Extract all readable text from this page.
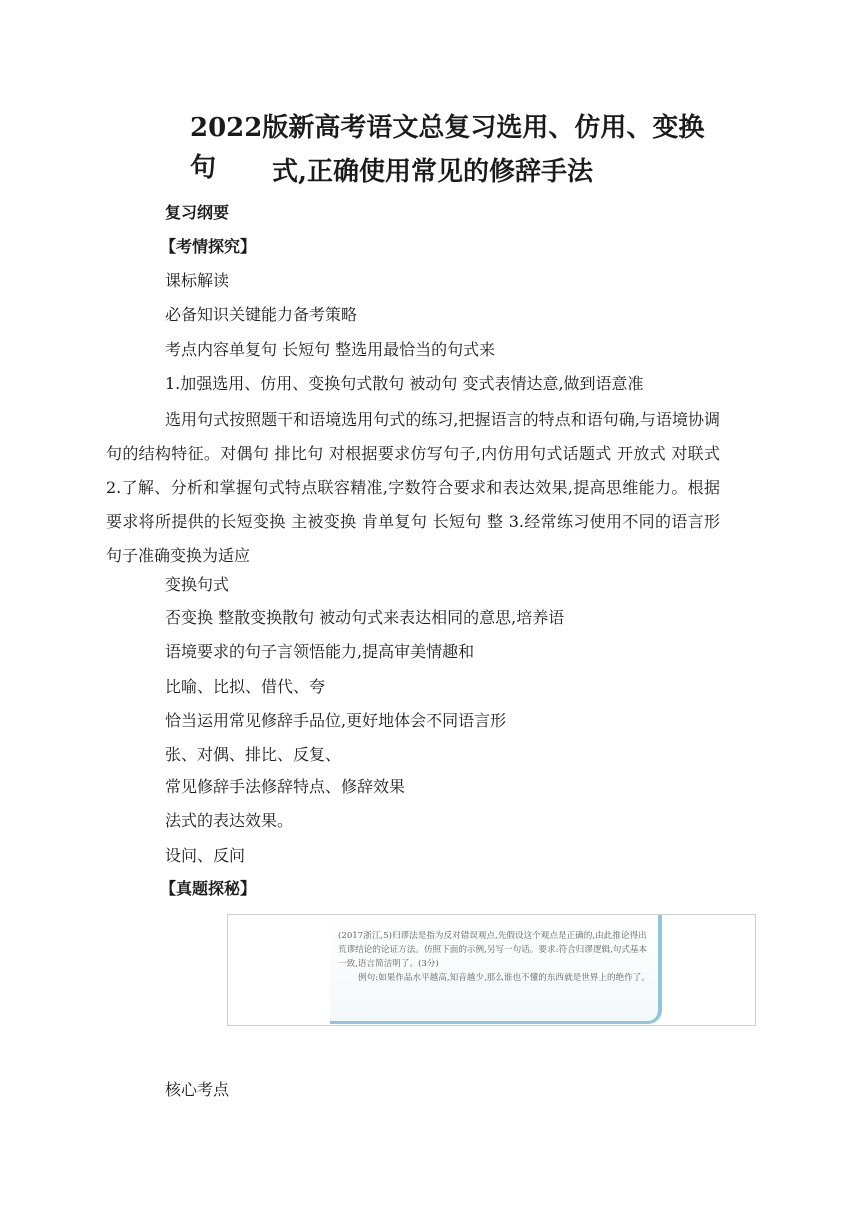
2022版新高考语文总复习选用、仿用、变换句	式,正确使用常见的修辞手法
复习纲要
【考情探究】
课标解读
必备知识关键能力备考策略
考点内容单复句 长短句 整选用最恰当的句式来
1.加强选用、仿用、变换句式散句 被动句 变式表情达意,做到语意准
选用句式按照题干和语境选用句式的练习,把握语言的特点和语句确,与语境协调句的结构特征。对偶句 排比句 对根据要求仿写句子,内仿用句式话题式 开放式 对联式 2.了解、分析和掌握句式特点联容精准,字数符合要求和表达效果,提高思维能力。根据要求将所提供的长短变换 主被变换 肯单复句 长短句 整 3.经常练习使用不同的语言形句子准确变换为适应
变换句式
否变换 整散变换散句 被动句式来表达相同的意思,培养语
语境要求的句子言领悟能力,提高审美情趣和
比喻、比拟、借代、夸
恰当运用常见修辞手品位,更好地体会不同语言形
张、对偶、排比、反复、
常见修辞手法修辞特点、修辞效果
法式的表达效果。
设问、反问
【真题探秘】
(2017浙江,5)归谬法是指为反对错误观点,先假设这个观点是正确的,由此推论得出荒谬结论的论证方法。仿照下面的示例,另写一句话。要求:符合归谬逻辑,句式基本一致,语言简洁明了。(3分)
例句:如果作品水平越高,知音越少,那么谁也不懂的东西就是世界上的绝作了。
核心考点
